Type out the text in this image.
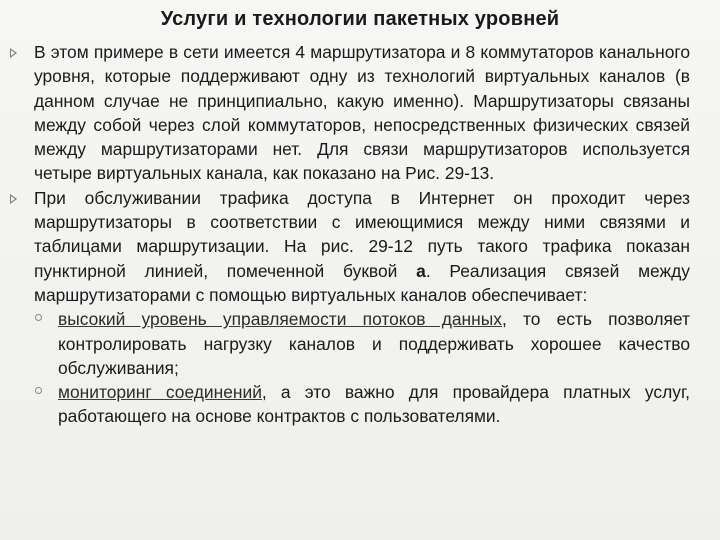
Услуги и технологии пакетных уровней
В этом примере в сети имеется 4 маршрутизатора и 8 коммутаторов канального уровня, которые поддерживают одну из технологий виртуальных каналов (в данном случае не принципиально, какую именно). Маршрутизаторы связаны между собой через слой коммутаторов, непосредственных физических связей между маршрутизаторами нет. Для связи маршрутизаторов используется четыре виртуальных канала, как показано на Рис. 29-13.
При обслуживании трафика доступа в Интернет он проходит через маршрутизаторы в соответствии с имеющимися между ними связями и таблицами маршрутизации. На рис. 29-12 путь такого трафика показан пунктирной линией, помеченной буквой а. Реализация связей между маршрутизаторами с помощью виртуальных каналов обеспечивает:
высокий уровень управляемости потоков данных, то есть позволяет контролировать нагрузку каналов и поддерживать хорошее качество обслуживания;
мониторинг соединений, а это важно для провайдера платных услуг, работающего на основе контрактов с пользователями.
